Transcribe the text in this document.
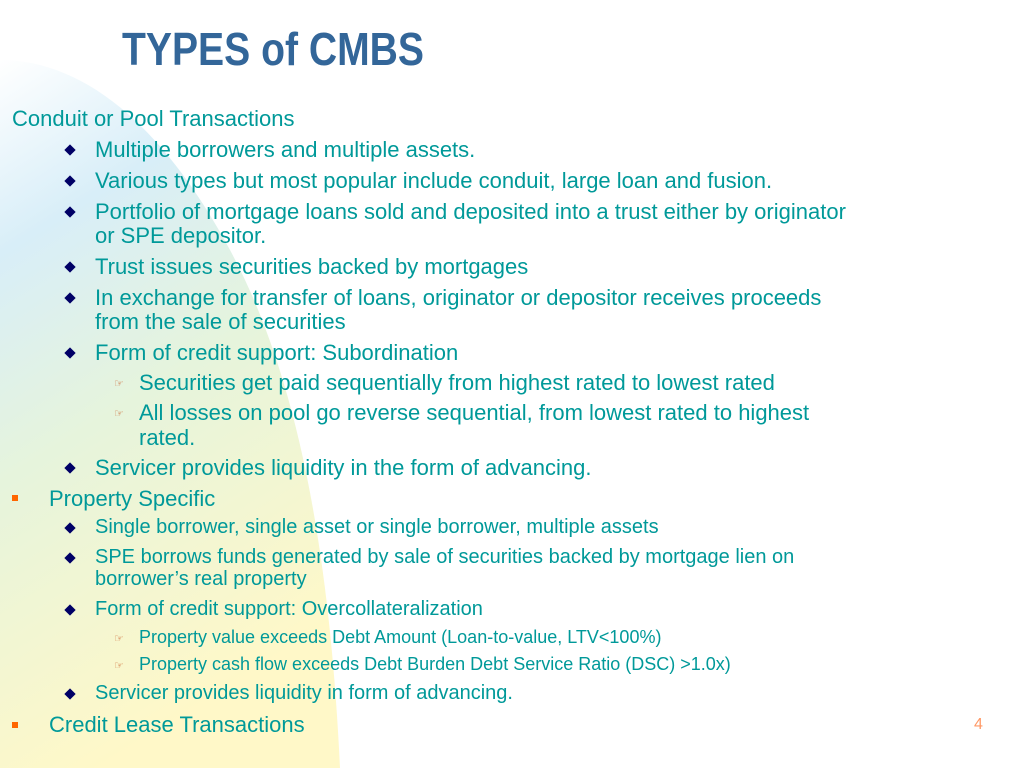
TYPES of CMBS
Conduit or Pool Transactions
Multiple borrowers and multiple assets.
Various types but most popular include conduit, large loan and fusion.
Portfolio of mortgage loans sold and deposited into a trust either by originator
or SPE depositor.
Trust issues securities backed by mortgages
In exchange for transfer of loans, originator or depositor receives proceeds
from the sale of securities
Form of credit support: Subordination
☞ Securities get paid sequentially from highest rated to lowest rated
☞ All losses on pool go reverse sequential, from lowest rated to highest
rated.
Servicer provides liquidity in the form of advancing.
Property Specific
Single borrower, single asset or single borrower, multiple assets
SPE borrows funds generated by sale of securities backed by mortgage lien on
borrower’s real property
Form of credit support: Overcollateralization
☞ Property value exceeds Debt Amount (Loan-to-value, LTV<100%)
☞ Property cash flow exceeds Debt Burden Debt Service Ratio (DSC) >1.0x)
Servicer provides liquidity in form of advancing.
Credit Lease Transactions	4
